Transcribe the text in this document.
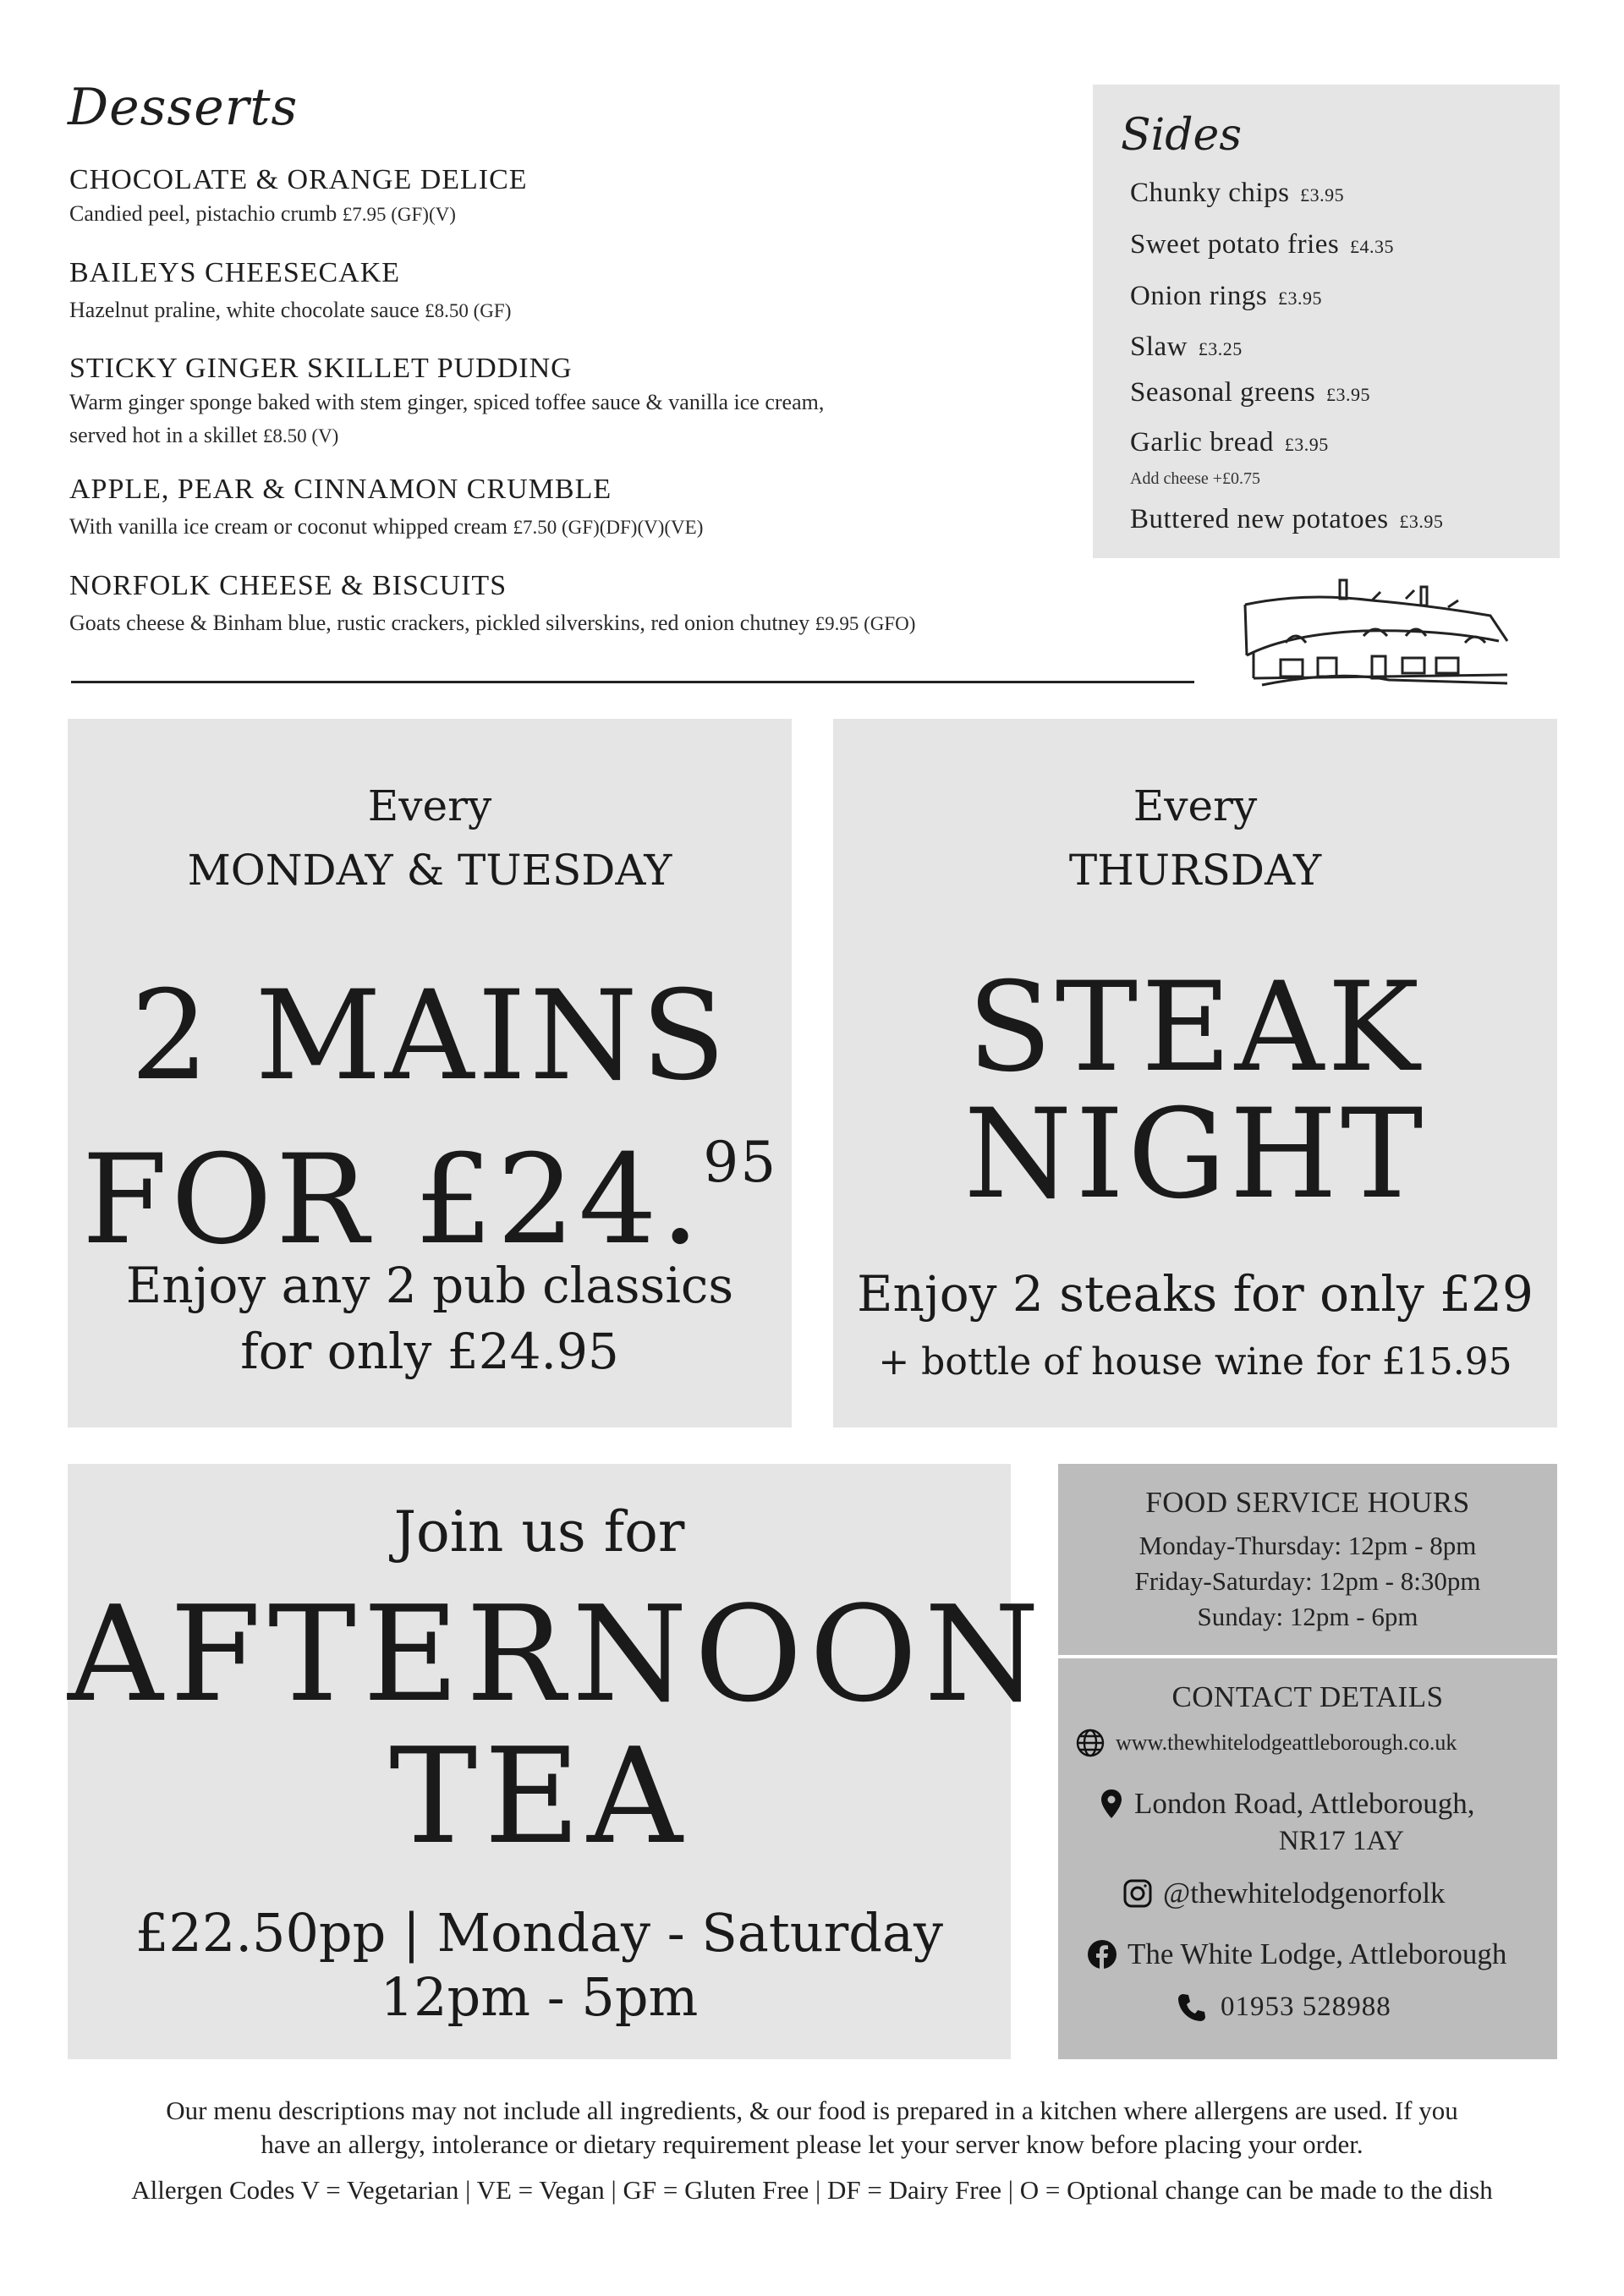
Desserts
CHOCOLATE & ORANGE DELICE
Candied peel, pistachio crumb £7.95 (GF)(V)
BAILEYS CHEESECAKE
Hazelnut praline, white chocolate sauce £8.50 (GF)
STICKY GINGER SKILLET PUDDING
Warm ginger sponge baked with stem ginger, spiced toffee sauce & vanilla ice cream,
served hot in a skillet £8.50 (V)
APPLE, PEAR & CINNAMON CRUMBLE
With vanilla ice cream or coconut whipped cream £7.50 (GF)(DF)(V)(VE)
NORFOLK CHEESE & BISCUITS
Goats cheese & Binham blue, rustic crackers, pickled silverskins, red onion chutney £9.95 (GFO)
Sides
Chunky chips £3.95
Sweet potato fries £4.35
Onion rings £3.95
Slaw £3.25
Seasonal greens £3.95
Garlic bread £3.95
Add cheese +£0.75
Buttered new potatoes £3.95
Every
MONDAY & TUESDAY
2 MAINS
FOR £24.95
Enjoy any 2 pub classics
for only £24.95
Every
THURSDAY
STEAK
NIGHT
Enjoy 2 steaks for only £29
+ bottle of house wine for £15.95
Join us for
AFTERNOON
TEA
£22.50pp | Monday - Saturday
12pm - 5pm
FOOD SERVICE HOURS
Monday-Thursday: 12pm - 8pm
Friday-Saturday: 12pm - 8:30pm
Sunday: 12pm - 6pm
CONTACT DETAILS
www.thewhitelodgeattleborough.co.uk
London Road, Attleborough,
NR17 1AY
@thewhitelodgenorfolk
The White Lodge, Attleborough
01953 528988
Our menu descriptions may not include all ingredients, & our food is prepared in a kitchen where allergens are used. If you
have an allergy, intolerance or dietary requirement please let your server know before placing your order.
Allergen Codes V = Vegetarian | VE = Vegan | GF = Gluten Free | DF = Dairy Free | O = Optional change can be made to the dish
